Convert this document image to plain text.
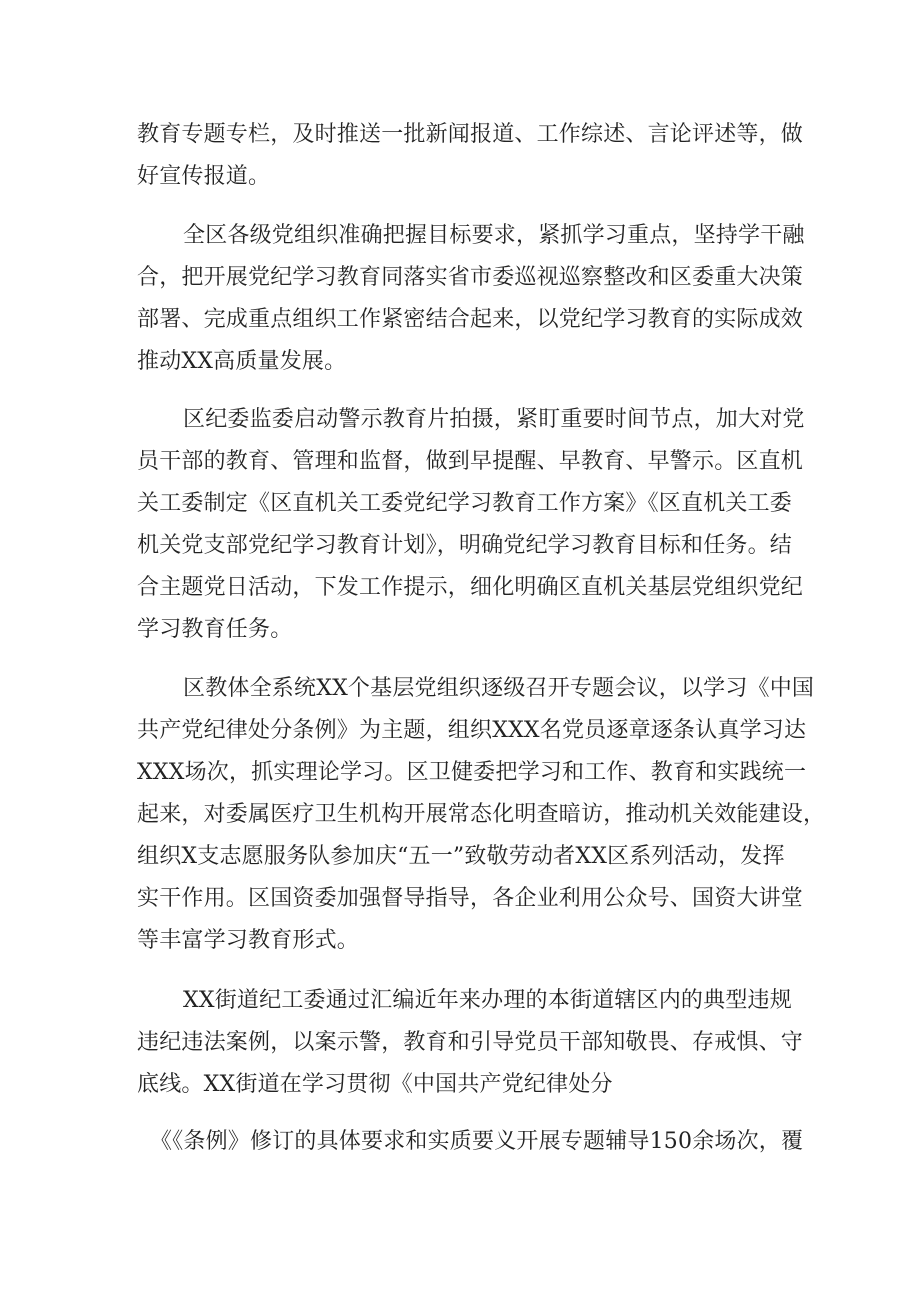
教育专题专栏，及时推送一批新闻报道、工作综述、言论评述等，做
好宣传报道。
全区各级党组织准确把握目标要求，紧抓学习重点，坚持学干融
合，把开展党纪学习教育同落实省市委巡视巡察整改和区委重大决策
部署、完成重点组织工作紧密结合起来，以党纪学习教育的实际成效
推动XX高质量发展。
区纪委监委启动警示教育片拍摄，紧盯重要时间节点，加大对党
员干部的教育、管理和监督，做到早提醒、早教育、早警示。区直机
关工委制定《区直机关工委党纪学习教育工作方案》《区直机关工委
机关党支部党纪学习教育计划》，明确党纪学习教育目标和任务。结
合主题党日活动，下发工作提示，细化明确区直机关基层党组织党纪
学习教育任务。
区教体全系统XX个基层党组织逐级召开专题会议，以学习《中国
共产党纪律处分条例》为主题，组织XXX名党员逐章逐条认真学习达
XXX场次，抓实理论学习。区卫健委把学习和工作、教育和实践统一
起来，对委属医疗卫生机构开展常态化明查暗访，推动机关效能建设，
组织X支志愿服务队参加庆“五一”致敬劳动者XX区系列活动，发挥
实干作用。区国资委加强督导指导，各企业利用公众号、国资大讲堂
等丰富学习教育形式。
XX街道纪工委通过汇编近年来办理的本街道辖区内的典型违规
违纪违法案例，以案示警，教育和引导党员干部知敬畏、存戒惧、守
底线。XX街道在学习贯彻《中国共产党纪律处分
《《条例》修订的具体要求和实质要义开展专题辅导150余场次，覆
